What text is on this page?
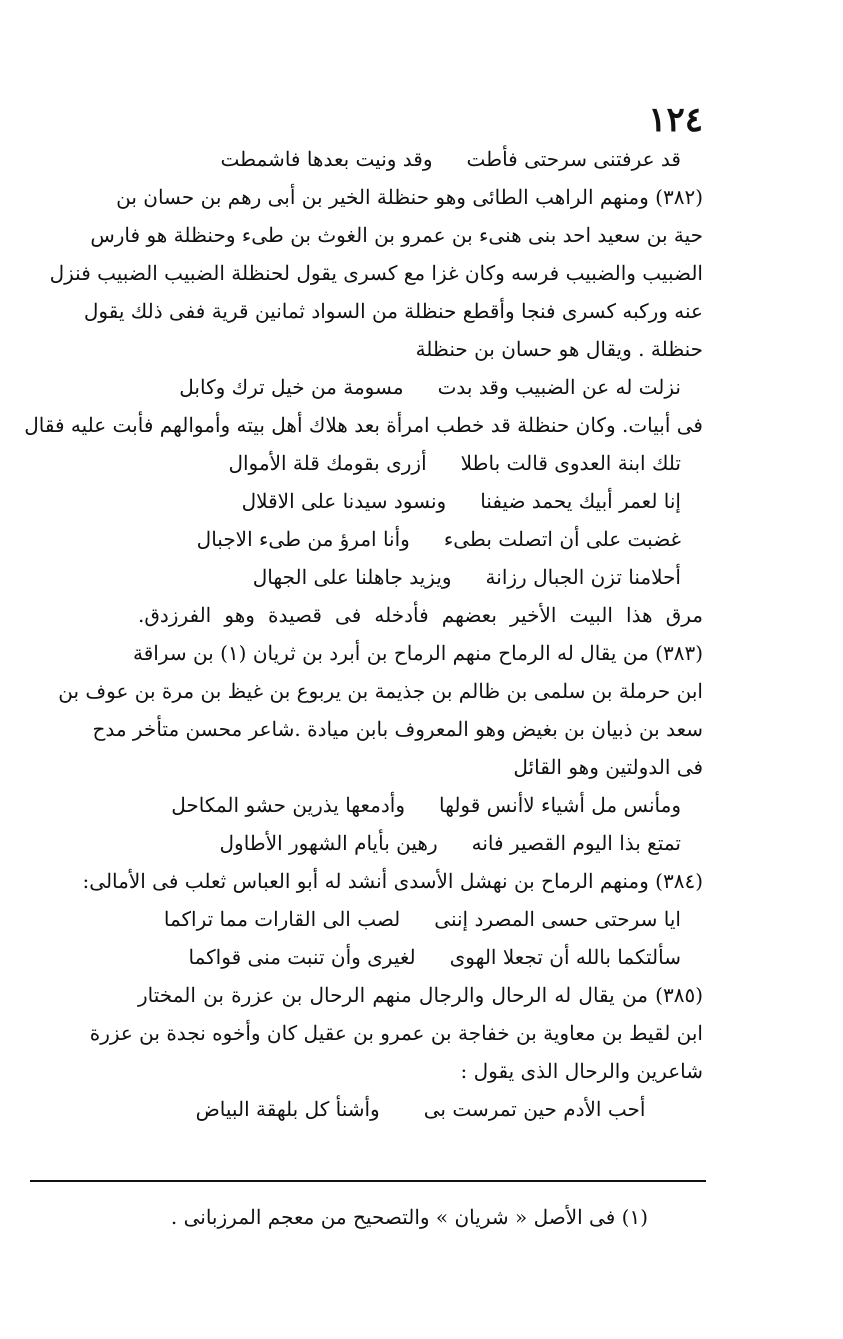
١٢٤
قد عرفتنى سرحتى فأطت
وقد ونيت بعدها فاشمطت
(٣٨٢) ومنهم الراهب الطائى وهو حنظلة الخير بن أبى رهم بن حسان بن
حية بن سعيد احد بنى هنىء بن عمرو بن الغوث بن طىء وحنظلة هو فارس
الضبيب والضبيب فرسه وكان غزا مع كسرى يقول لحنظلة الضبيب الضبيب فنزل
عنه وركبه كسرى فنجا وأقطع حنظلة من السواد ثمانين قرية ففى ذلك يقول
حنظلة . ويقال هو حسان بن حنظلة
نزلت له عن الضبيب وقد بدت
مسومة من خيل ترك وكابل
فى أبيات. وكان حنظلة قد خطب امرأة بعد هلاك أهل بيته وأموالهم فأبت عليه فقال
تلك ابنة العدوى قالت باطلا
أزرى بقومك قلة الأموال
إنا لعمر أبيك يحمد ضيفنا
ونسود سيدنا على الاقلال
غضبت على أن اتصلت بطىء
وأنا امرؤ من طىء الاجبال
أحلامنا تزن الجبال رزانة
ويزيد جاهلنا على الجهال
مرق هذا البيت الأخير بعضهم فأدخله فى قصيدة وهو الفرزدق.
(٣٨٣) من يقال له الرماح منهم الرماح بن أبرد بن ثريان (١) بن سراقة
ابن حرملة بن سلمى بن ظالم بن جذيمة بن يربوع بن غيظ بن مرة بن عوف بن
سعد بن ذبيان بن بغيض وهو المعروف بابن ميادة .شاعر محسن متأخر مدح
فى الدولتين وهو القائل
ومأنس مل أشياء لاأنس قولها
وأدمعها يذرين حشو المكاحل
تمتع بذا اليوم القصير فانه
رهين بأيام الشهور الأطاول
(٣٨٤) ومنهم الرماح بن نهشل الأسدى أنشد له أبو العباس ثعلب فى الأمالى:
ايا سرحتى حسى المصرد إننى
لصب الى القارات مما تراكما
سألتكما بالله أن تجعلا الهوى
لغيرى وأن تنبت منى قواكما
(٣٨٥) من يقال له الرحال والرجال منهم الرحال بن عزرة بن المختار
ابن لقيط بن معاوية بن خفاجة بن عمرو بن عقيل كان وأخوه نجدة بن عزرة
شاعرين والرحال الذى يقول :
أحب الأدم حين تمرست بى
وأشنأ كل بلهقة البياض
(١) فى الأصل « شريان » والتصحيح من معجم المرزبانى .
